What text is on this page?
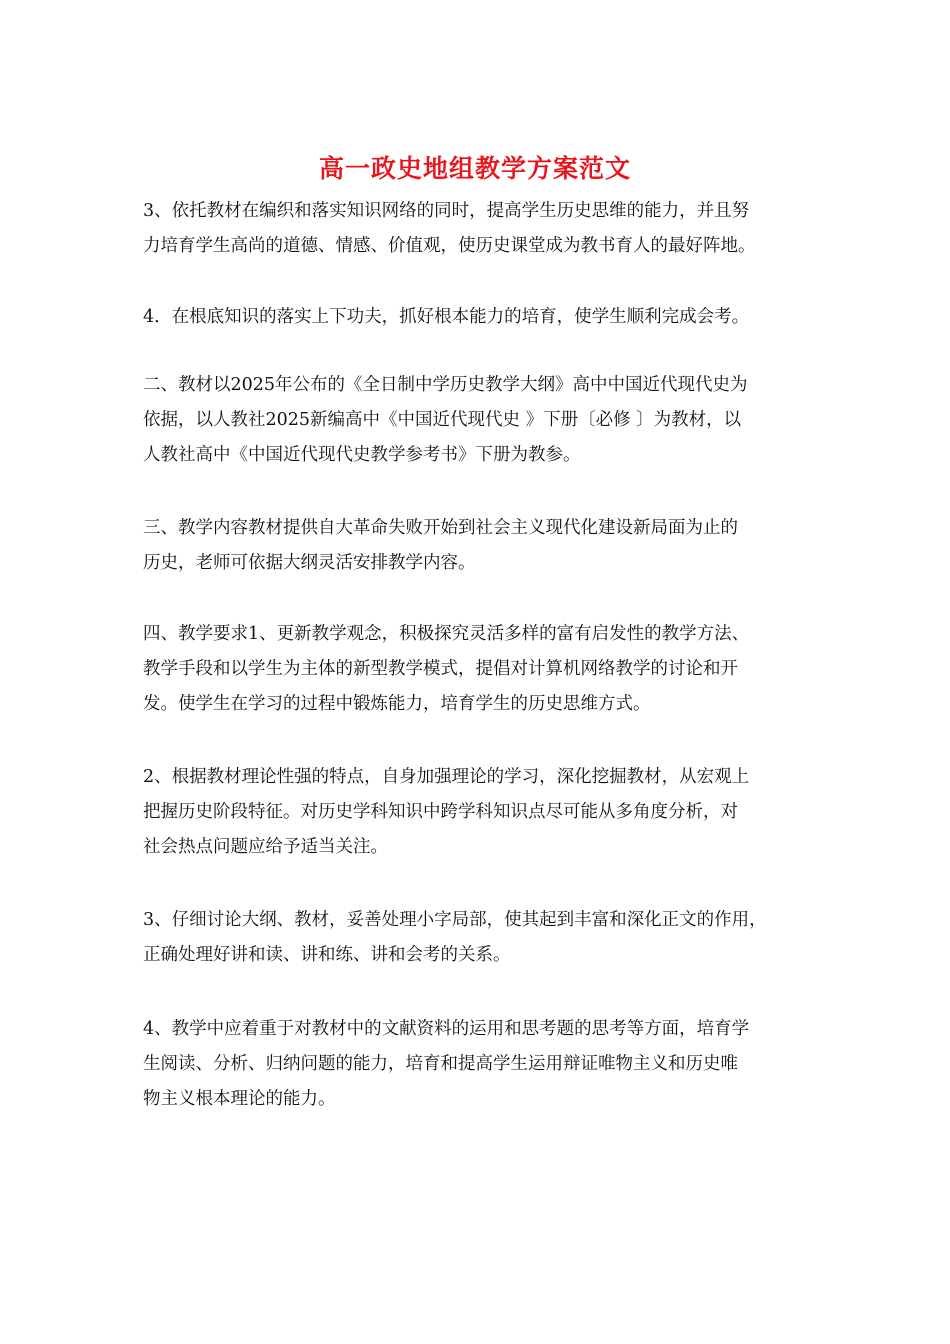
高一政史地组教学方案范文

3、依托教材在编织和落实知识网络的同时，提高学生历史思维的能力，并且努
力培育学生高尚的道德、情感、价值观，使历史课堂成为教书育人的最好阵地。

4．在根底知识的落实上下功夫，抓好根本能力的培育，使学生顺利完成会考。

二、教材以2025年公布的《全日制中学历史教学大纲》高中中国近代现代史为
依据，以人教社2025新编高中《中国近代现代史 》下册〔必修 〕为教材，以
人教社高中《中国近代现代史教学参考书》下册为教参。

三、教学内容教材提供自大革命失败开始到社会主义现代化建设新局面为止的
历史，老师可依据大纲灵活安排教学内容。

四、教学要求1、更新教学观念，积极探究灵活多样的富有启发性的教学方法、
教学手段和以学生为主体的新型教学模式，提倡对计算机网络教学的讨论和开
发。使学生在学习的过程中锻炼能力，培育学生的历史思维方式。

2、根据教材理论性强的特点，自身加强理论的学习，深化挖掘教材，从宏观上
把握历史阶段特征。对历史学科知识中跨学科知识点尽可能从多角度分析，对
社会热点问题应给予适当关注。

3、仔细讨论大纲、教材，妥善处理小字局部，使其起到丰富和深化正文的作用，
正确处理好讲和读、讲和练、讲和会考的关系。

4、教学中应着重于对教材中的文献资料的运用和思考题的思考等方面，培育学
生阅读、分析、归纳问题的能力，培育和提高学生运用辩证唯物主义和历史唯
物主义根本理论的能力。
